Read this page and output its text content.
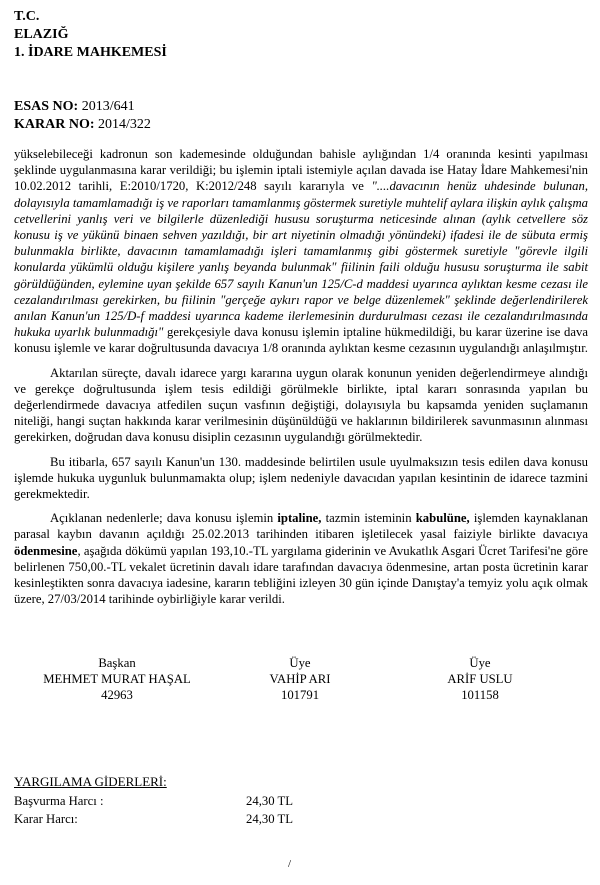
T.C.
ELAZIĞ
1. İDARE MAHKEMESİ
ESAS NO: 2013/641
KARAR NO: 2014/322

yükselebileceği kadronun son kademesinde olduğundan bahisle aylığından 1/4 oranında kesinti yapılması şeklinde uygulanmasına karar verildiği; bu işlemin iptali istemiyle açılan davada ise Hatay İdare Mahkemesi'nin 10.02.2012 tarihli, E:2010/1720, K:2012/248 sayılı kararıyla ve "....davacının henüz uhdesinde bulunan, dolayısıyla tamamlamadığı iş ve raporları tamamlanmış göstermek suretiyle muhtelif aylara ilişkin aylık çalışma cetvellerini yanlış veri ve bilgilerle düzenlediği hususu soruşturma neticesinde alınan (aylık cetvellere söz konusu iş ve yükünü binaen sehven yazıldığı, bir art niyetinin olmadığı yönündeki) ifadesi ile de sübuta ermiş bulunmakla birlikte, davacının tamamlamadığı işleri tamamlanmış gibi göstermek suretiyle "görevle ilgili konularda yükümlü olduğu kişilere yanlış beyanda bulunmak" fiilinin faili olduğu hususu soruşturma ile sabit görüldüğünden, eylemine uyan şekilde 657 sayılı Kanun'un 125/C-d maddesi uyarınca aylıktan kesme cezası ile cezalandırılması gerekirken, bu fiilinin "gerçeğe aykırı rapor ve belge düzenlemek" şeklinde değerlendirilerek anılan Kanun'un 125/D-f maddesi uyarınca kademe ilerlemesinin durdurulması cezası ile cezalandırılmasında hukuka uyarlık bulunmadığı" gerekçesiyle dava konusu işlemin iptaline hükmedildiği, bu karar üzerine ise dava konusu işlemle ve karar doğrultusunda davacıya 1/8 oranında aylıktan kesme cezasının uygulandığı anlaşılmıştır.

Aktarılan süreçte, davalı idarece yargı kararına uygun olarak konunun yeniden değerlendirmeye alındığı ve gerekçe doğrultusunda işlem tesis edildiği görülmekle birlikte, iptal kararı sonrasında yapılan bu değerlendirmede davacıya atfedilen suçun vasfının değiştiği, dolayısıyla bu kapsamda yeniden suçlamanın niteliği, hangi suçtan hakkında karar verilmesinin düşünüldüğü ve haklarının bildirilerek savunmasının alınması gerekirken, doğrudan dava konusu disiplin cezasının uygulandığı görülmektedir.

Bu itibarla, 657 sayılı Kanun'un 130. maddesinde belirtilen usule uyulmaksızın tesis edilen dava konusu işlemde hukuka uygunluk bulunmamakta olup; işlem nedeniyle davacıdan yapılan kesintinin de idarece tazmini gerekmektedir.

Açıklanan nedenlerle; dava konusu işlemin iptaline, tazmin isteminin kabulüne, işlemden kaynaklanan parasal kaybın davanın açıldığı 25.02.2013 tarihinden itibaren işletilecek yasal faiziyle birlikte davacıya ödenmesine, aşağıda dökümü yapılan 193,10.-TL yargılama giderinin ve Avukatlık Asgari Ücret Tarifesi'ne göre belirlenen 750,00.-TL vekalet ücretinin davalı idare tarafından davacıya ödenmesine, artan posta ücretinin karar kesinleştikten sonra davacıya iadesine, kararın tebliğini izleyen 30 gün içinde Danıştay'a temyiz yolu açık olmak üzere, 27/03/2014 tarihinde oybirliğiyle karar verildi.

Başkan
MEHMET MURAT HAŞAL
42963
Üye
VAHİP ARI
101791
Üye
ARİF USLU
101158
YARGILAMA GİDERLERİ:
Başvurma Harcı :	24,30 TL
Karar Harcı:	24,30 TL
/
